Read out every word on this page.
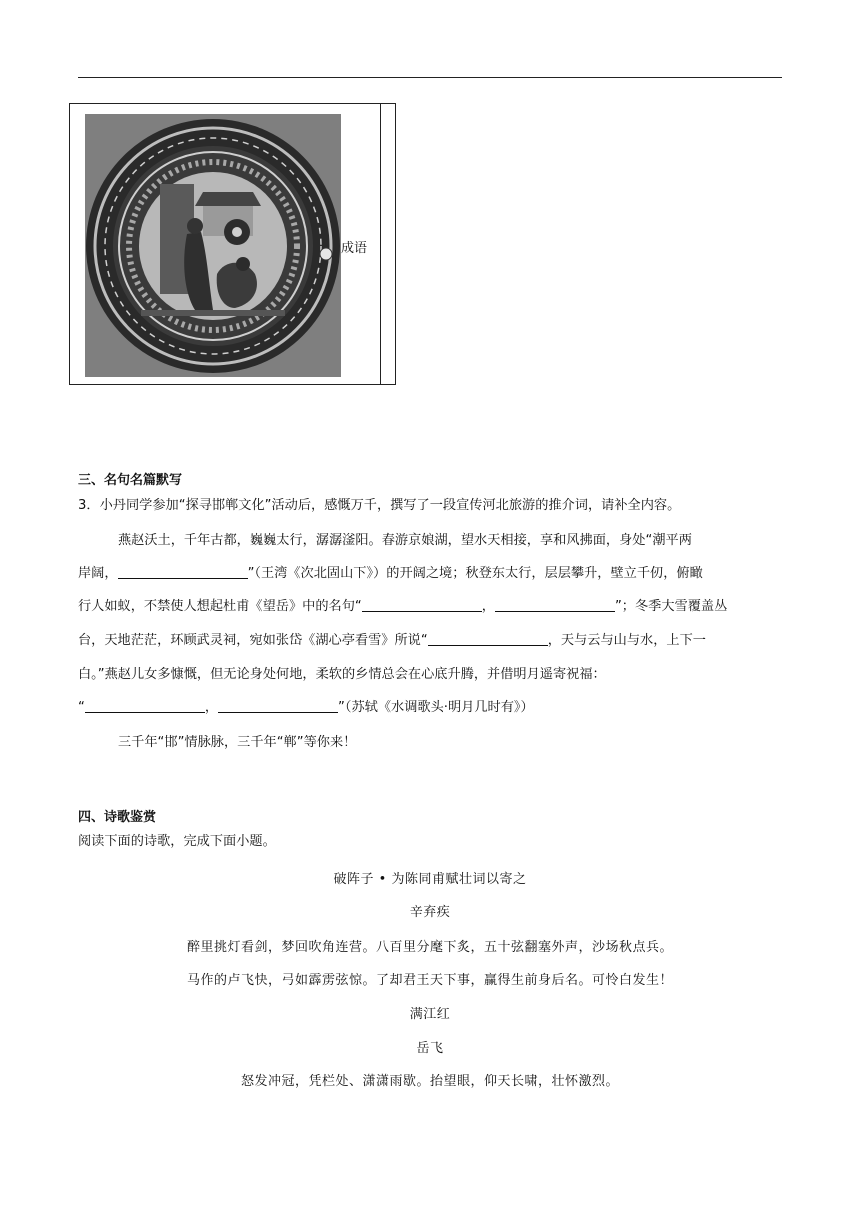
成语
三、名句名篇默写
3．小丹同学参加“探寻邯郸文化”活动后，感慨万千，撰写了一段宣传河北旅游的推介词，请补全内容。
燕赵沃土，千年古都，巍巍太行，潺潺滏阳。春游京娘湖，望水天相接，享和风拂面，身处“潮平两
岸阔，	”（王湾《次北固山下》）的开阔之境；秋登东太行，层层攀升，壁立千仞，俯瞰
行人如蚁，不禁使人想起杜甫《望岳》中的名句“	，	”；冬季大雪覆盖丛
台，天地茫茫，环顾武灵祠，宛如张岱《湖心亭看雪》所说“	，天与云与山与水，上下一
白。”燕赵儿女多慷慨，但无论身处何地，柔软的乡情总会在心底升腾，并借明月遥寄祝福：
“	，	”（苏轼《水调歌头·明月几时有》）
三千年“邯”情脉脉，三千年“郸”等你来！
四、诗歌鉴赏
阅读下面的诗歌，完成下面小题。
破阵子 • 为陈同甫赋壮词以寄之
辛弃疾
醉里挑灯看剑，梦回吹角连营。八百里分麾下炙，五十弦翻塞外声，沙场秋点兵。
马作的卢飞快，弓如霹雳弦惊。了却君王天下事，赢得生前身后名。可怜白发生！
满江红
岳飞
怒发冲冠，凭栏处、潇潇雨歇。抬望眼，仰天长啸，壮怀激烈。
